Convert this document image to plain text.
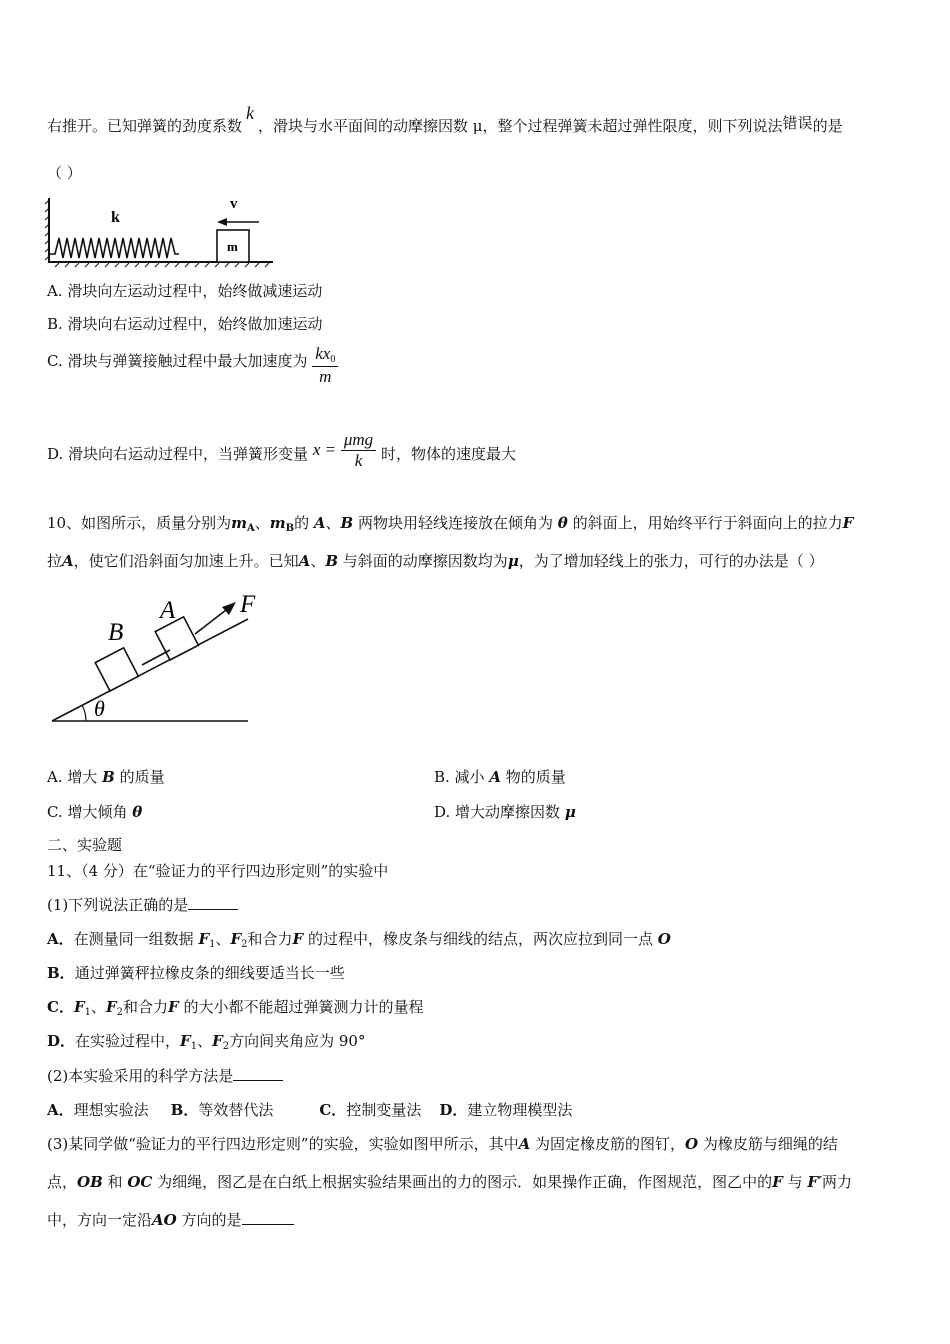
右推开。已知弹簧的劲度系数k，滑块与水平面间的动摩擦因数 μ，整个过程弹簧未超过弹性限度，则下列说法错误的是
（ ）
k
m
v
A. 滑块向左运动过程中，始终做减速运动
B. 滑块向右运动过程中，始终做加速运动
C. 滑块与弹簧接触过程中最大加速度为 $\frac{kx_0}{m}$
D. 滑块向右运动过程中，当弹簧形变量 $x = \frac{\text{μmg}}{k}$ 时，物体的速度最大
10、如图所示，质量分别为$m_A$、$m_B$的 A、B 两物块用轻线连接放在倾角为 θ 的斜面上，用始终平行于斜面向上的拉力F
拉A，使它们沿斜面匀加速上升。已知A、B 与斜面的动摩擦因数均为μ，为了增加轻线上的张力，可行的办法是（ ）
θ
B
A	F
A. 增大 B 的质量	B. 减小 A 物的质量
C. 增大倾角 θ	D. 增大动摩擦因数 μ
二、实验题
11、（4 分）在“验证力的平行四边形定则”的实验中
(1)下列说法正确的是
A．在测量同一组数据 $F_1$、$F_2$和合力F 的过程中，橡皮条与细线的结点，两次应拉到同一点 O
B．通过弹簧秤拉橡皮条的细线要适当长一些
C．$F_1$、$F_2$和合力F 的大小都不能超过弹簧测力计的量程
D．在实验过程中，$F_1$、$F_2$方向间夹角应为 90°
(2)本实验采用的科学方法是
A．理想实验法 B．等效替代法	C．控制变量法 D．建立物理模型法
(3)某同学做“验证力的平行四边形定则”的实验，实验如图甲所示，其中A 为固定橡皮筋的图钉，O 为橡皮筋与细绳的结
点，OB 和 OC 为细绳，图乙是在白纸上根据实验结果画出的力的图示．如果操作正确，作图规范，图乙中的F 与 F′两力
中，方向一定沿AO 方向的是
